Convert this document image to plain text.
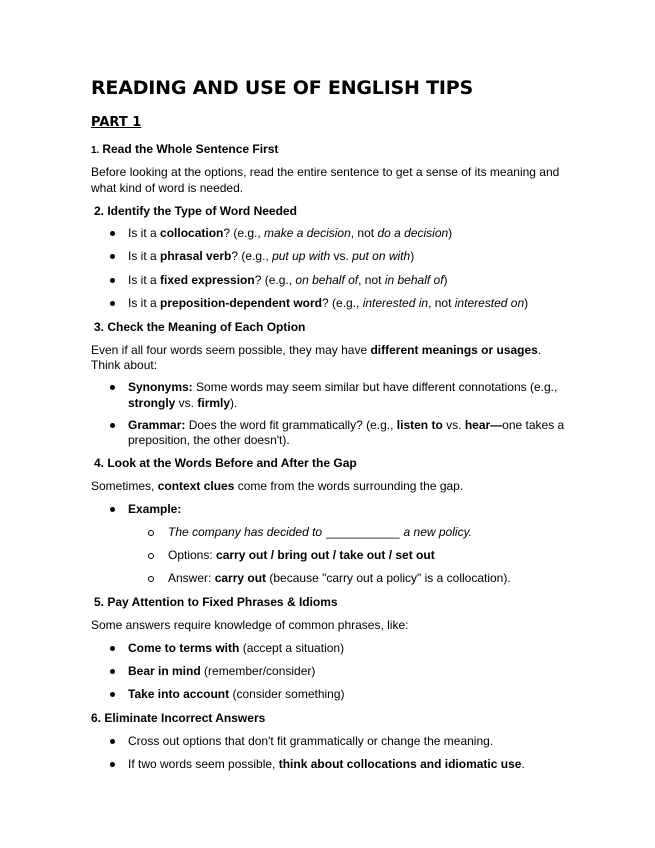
READING AND USE OF ENGLISH TIPS
PART 1
1. Read the Whole Sentence First
Before looking at the options, read the entire sentence to get a sense of its meaning and
what kind of word is needed.
2. Identify the Type of Word Needed
Is it a collocation? (e.g., make a decision, not do a decision)
Is it a phrasal verb? (e.g., put up with vs. put on with)
Is it a fixed expression? (e.g., on behalf of, not in behalf of)
Is it a preposition-dependent word? (e.g., interested in, not interested on)
3. Check the Meaning of Each Option
Even if all four words seem possible, they may have different meanings or usages.
Think about:
Synonyms: Some words may seem similar but have different connotations (e.g.,
strongly vs. firmly).
Grammar: Does the word fit grammatically? (e.g., listen to vs. hear—one takes a
preposition, the other doesn't).
4. Look at the Words Before and After the Gap
Sometimes, context clues come from the words surrounding the gap.
Example:
The company has decided to ___________ a new policy.
Options: carry out / bring out / take out / set out
Answer: carry out (because "carry out a policy" is a collocation).
5. Pay Attention to Fixed Phrases & Idioms
Some answers require knowledge of common phrases, like:
Come to terms with (accept a situation)
Bear in mind (remember/consider)
Take into account (consider something)
6. Eliminate Incorrect Answers
Cross out options that don't fit grammatically or change the meaning.
If two words seem possible, think about collocations and idiomatic use.
